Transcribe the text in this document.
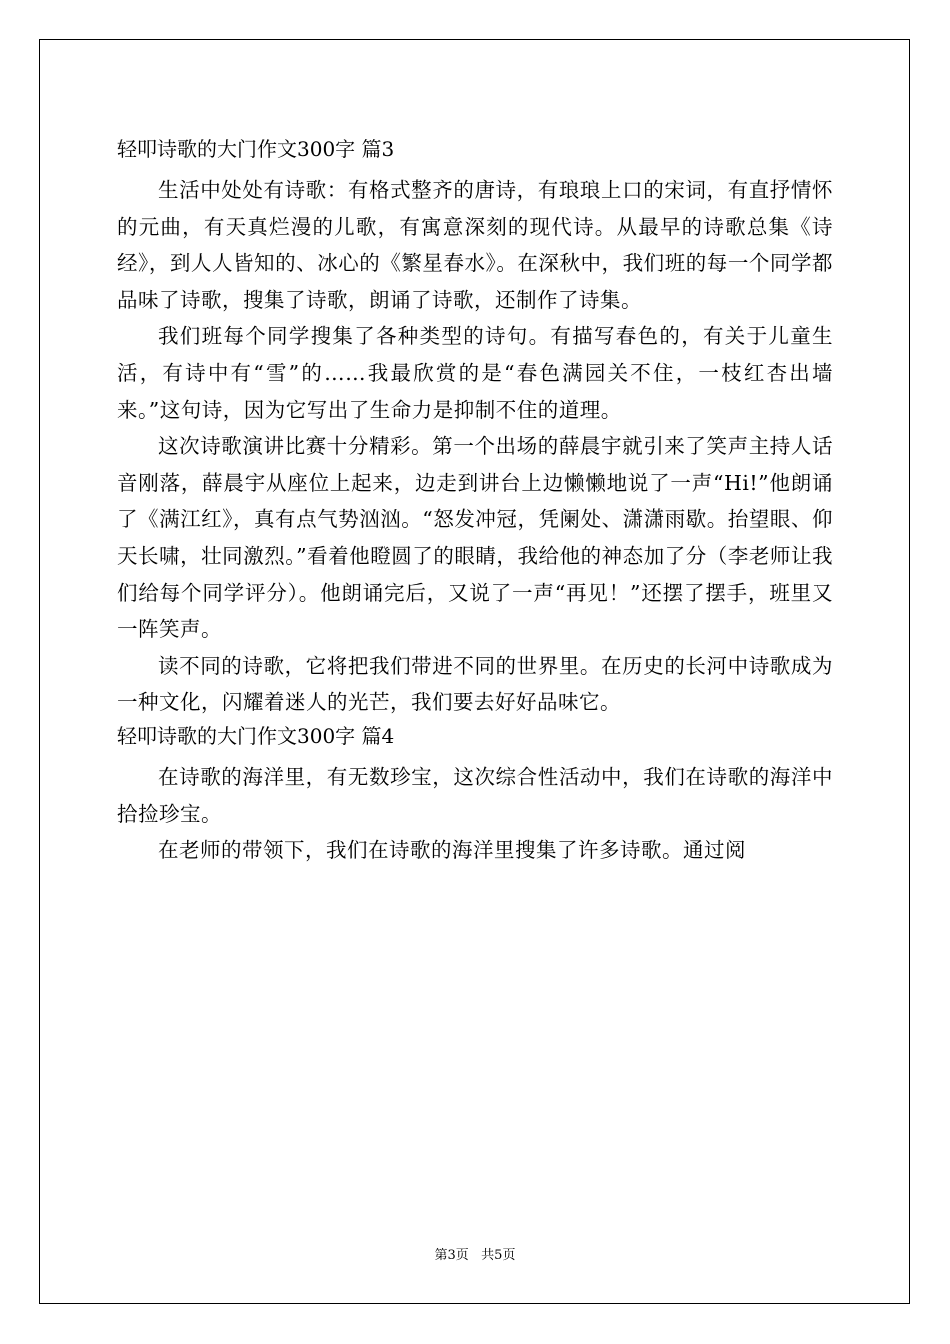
轻叩诗歌的大门作文300字 篇3

生活中处处有诗歌：有格式整齐的唐诗，有琅琅上口的宋词，有直抒情怀的元曲，有天真烂漫的儿歌，有寓意深刻的现代诗。从最早的诗歌总集《诗经》，到人人皆知的、冰心的《繁星春水》。在深秋中，我们班的每一个同学都品味了诗歌，搜集了诗歌，朗诵了诗歌，还制作了诗集。

我们班每个同学搜集了各种类型的诗句。有描写春色的，有关于儿童生活，有诗中有“雪”的……我最欣赏的是“春色满园关不住，一枝红杏出墙来。”这句诗，因为它写出了生命力是抑制不住的道理。

这次诗歌演讲比赛十分精彩。第一个出场的薛晨宇就引来了笑声主持人话音刚落，薛晨宇从座位上起来，边走到讲台上边懒懒地说了一声“Hi!”他朗诵了《满江红》，真有点气势汹汹。“怒发冲冠，凭阑处、潇潇雨歇。抬望眼、仰天长啸，壮同激烈。”看着他瞪圆了的眼睛，我给他的神态加了分（李老师让我们给每个同学评分）。他朗诵完后，又说了一声“再见！”还摆了摆手，班里又一阵笑声。

读不同的诗歌，它将把我们带进不同的世界里。在历史的长河中诗歌成为一种文化，闪耀着迷人的光芒，我们要去好好品味它。

轻叩诗歌的大门作文300字 篇4

在诗歌的海洋里，有无数珍宝，这次综合性活动中，我们在诗歌的海洋中拾捡珍宝。

在老师的带领下，我们在诗歌的海洋里搜集了许多诗歌。通过阅

第3页   共5页
